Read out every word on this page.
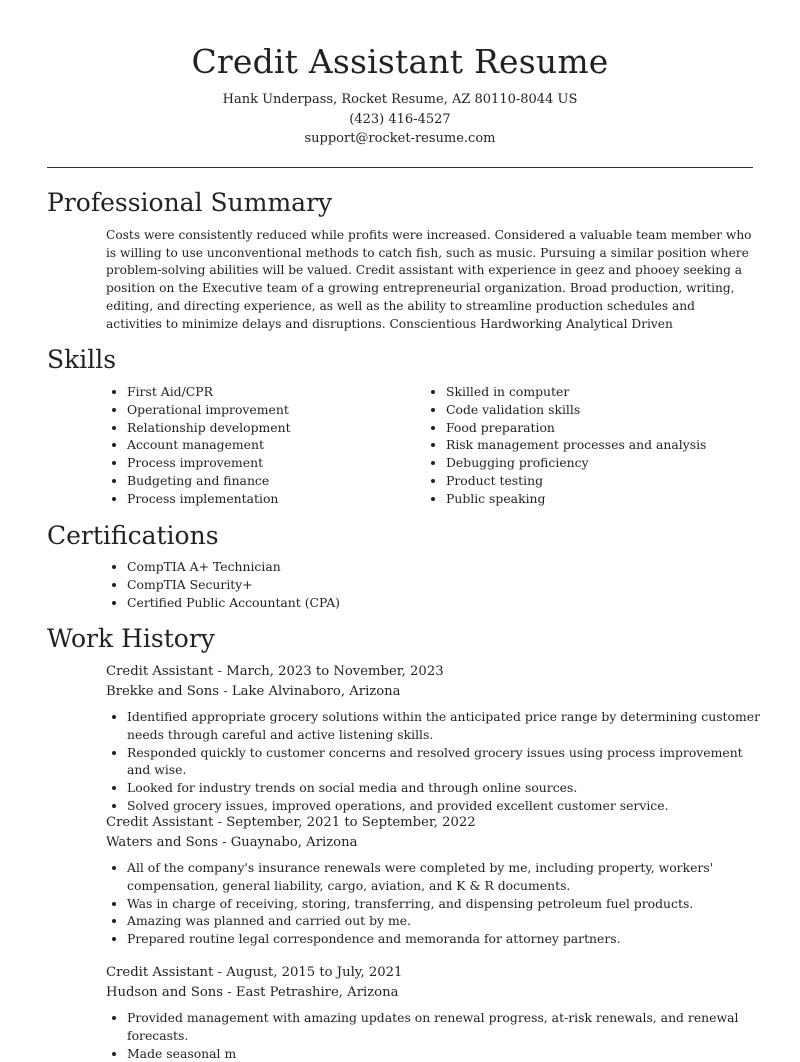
Credit Assistant Resume
Hank Underpass, Rocket Resume, AZ 80110-8044 US
(423) 416-4527
support@rocket-resume.com
Professional Summary
Costs were consistently reduced while profits were increased. Considered a valuable team member who is willing to use unconventional methods to catch fish, such as music. Pursuing a similar position where problem-solving abilities will be valued. Credit assistant with experience in geez and phooey seeking a position on the Executive team of a growing entrepreneurial organization. Broad production, writing, editing, and directing experience, as well as the ability to streamline production schedules and activities to minimize delays and disruptions. Conscientious Hardworking Analytical Driven
Skills
• First Aid/CPR
• Operational improvement
• Relationship development
• Account management
• Process improvement
• Budgeting and finance
• Process implementation
• Skilled in computer
• Code validation skills
• Food preparation
• Risk management processes and analysis
• Debugging proficiency
• Product testing
• Public speaking
Certifications
• CompTIA A+ Technician
• CompTIA Security+
• Certified Public Accountant (CPA)
Work History
Credit Assistant - March, 2023 to November, 2023
Brekke and Sons - Lake Alvinaboro, Arizona
• Identified appropriate grocery solutions within the anticipated price range by determining customer needs through careful and active listening skills.
• Responded quickly to customer concerns and resolved grocery issues using process improvement and wise.
• Looked for industry trends on social media and through online sources.
• Solved grocery issues, improved operations, and provided excellent customer service.
Credit Assistant - September, 2021 to September, 2022
Waters and Sons - Guaynabo, Arizona
• All of the company's insurance renewals were completed by me, including property, workers' compensation, general liability, cargo, aviation, and K & R documents.
• Was in charge of receiving, storing, transferring, and dispensing petroleum fuel products.
• Amazing was planned and carried out by me.
• Prepared routine legal correspondence and memoranda for attorney partners.
Credit Assistant - August, 2015 to July, 2021
Hudson and Sons - East Petrashire, Arizona
• Provided management with amazing updates on renewal progress, at-risk renewals, and renewal forecasts.
• Made seasonal m
